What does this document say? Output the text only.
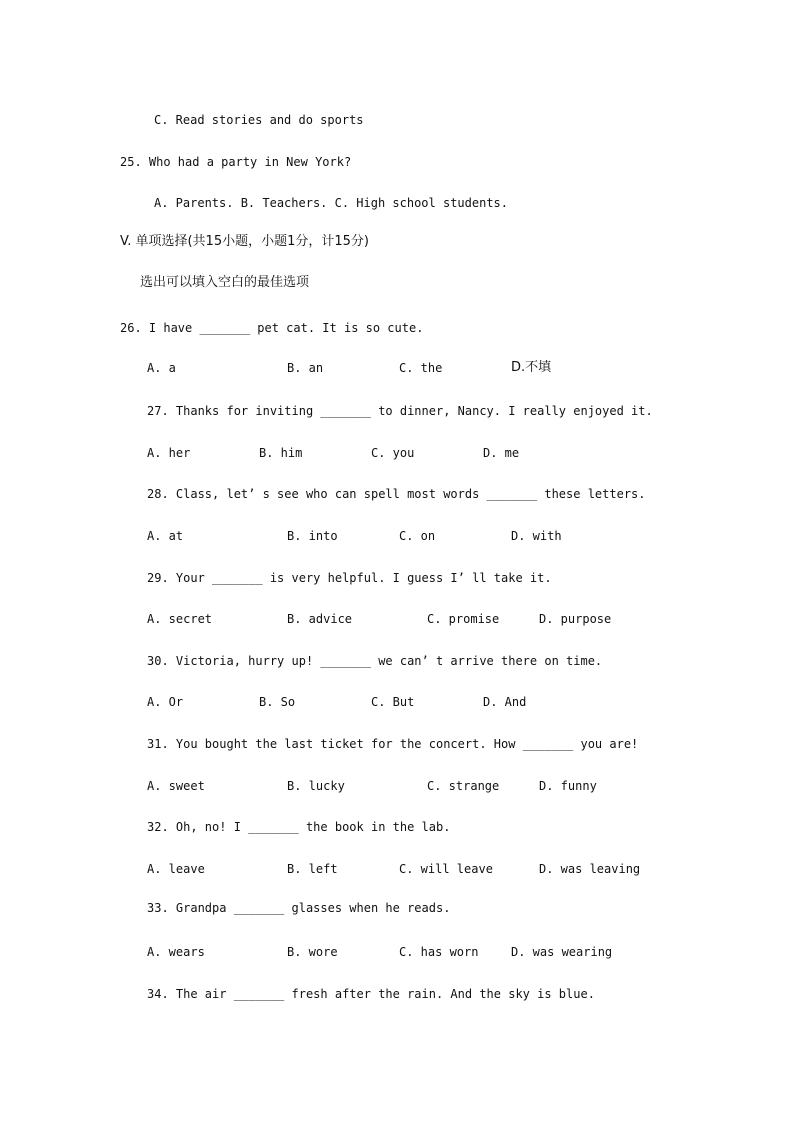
C. Read stories and do sports
25. Who had a party in New York?
A. Parents. B. Teachers. C. High school students.
V. 单项选择(共15小题，小题1分，计15分)
选出可以填入空白的最佳选项
26. I have _______ pet cat. It is so cute.

A. a

	B. an

	C. the

	D.不填

27. Thanks for inviting _______ to dinner, Nancy. I really enjoyed it.

A. her

	B. him

	C. you

	D. me

28. Class, let’ s see who can spell most words _______ these letters.

A. at

	B. into

	C. on

	D. with

29. Your _______ is very helpful. I guess I’ ll take it.

A. secret

	B. advice

	C. promise

	D. purpose

30. Victoria, hurry up! _______ we can’ t arrive there on time.

A. Or

	B. So

	C. But

	D. And

31. You bought the last ticket for the concert. How _______ you are!

A. sweet

	B. lucky

	C. strange

	D. funny

32. Oh, no! I _______ the book in the lab.

A. leave

	B. left

	C. will leave

	D. was leaving

33. Grandpa _______ glasses when he reads.

A. wears

	B. wore

	C. has worn

	D. was wearing

34. The air _______ fresh after the rain. And the sky is blue.
